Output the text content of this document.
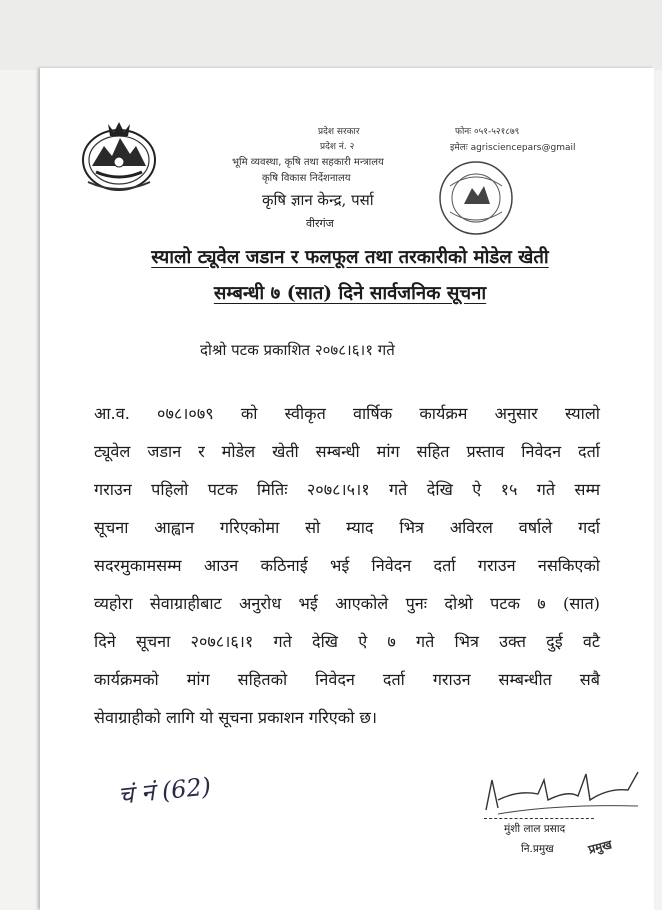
प्रदेश सरकार
प्रदेश नं. २
भूमि व्यवस्था, कृषि तथा सहकारी मन्त्रालय
कृषि विकास निर्देशनालय
कृषि ज्ञान केन्द्र, पर्सा
वीरगंज
फोनः ०५१-५२१८७९
इमेलः agrisciencepars@gmail
स्यालो ट्यूवेल जडान र फलफूल तथा तरकारीको मोडेल खेती
सम्बन्धी ७ (सात) दिने सार्वजनिक सूचना
दोश्रो पटक प्रकाशित २०७८।६।१ गते
आ.व. ०७८।०७९ को स्वीकृत वार्षिक कार्यक्रम अनुसार स्यालो
ट्यूवेल जडान र मोडेल खेती सम्बन्धी मांग सहित प्रस्ताव निवेदन दर्ता
गराउन पहिलो पटक मितिः २०७८।५।१ गते देखि ऐ १५ गते सम्म
सूचना आह्वान गरिएकोमा सो म्याद भित्र अविरल वर्षाले गर्दा
सदरमुकामसम्म आउन कठिनाई भई निवेदन दर्ता गराउन नसकिएको
व्यहोरा सेवाग्राहीबाट अनुरोध भई आएकोले पुनः दोश्रो पटक ७ (सात)
दिने सूचना २०७८।६।१ गते देखि ऐ ७ गते भित्र उक्त दुई वटै
कार्यक्रमको मांग सहितको निवेदन दर्ता गराउन सम्बन्धीत सबै
सेवाग्राहीको लागि यो सूचना प्रकाशन गरिएको छ।
चं नं (62)
मुंशी लाल प्रसाद
नि.प्रमुख	प्रमुख
